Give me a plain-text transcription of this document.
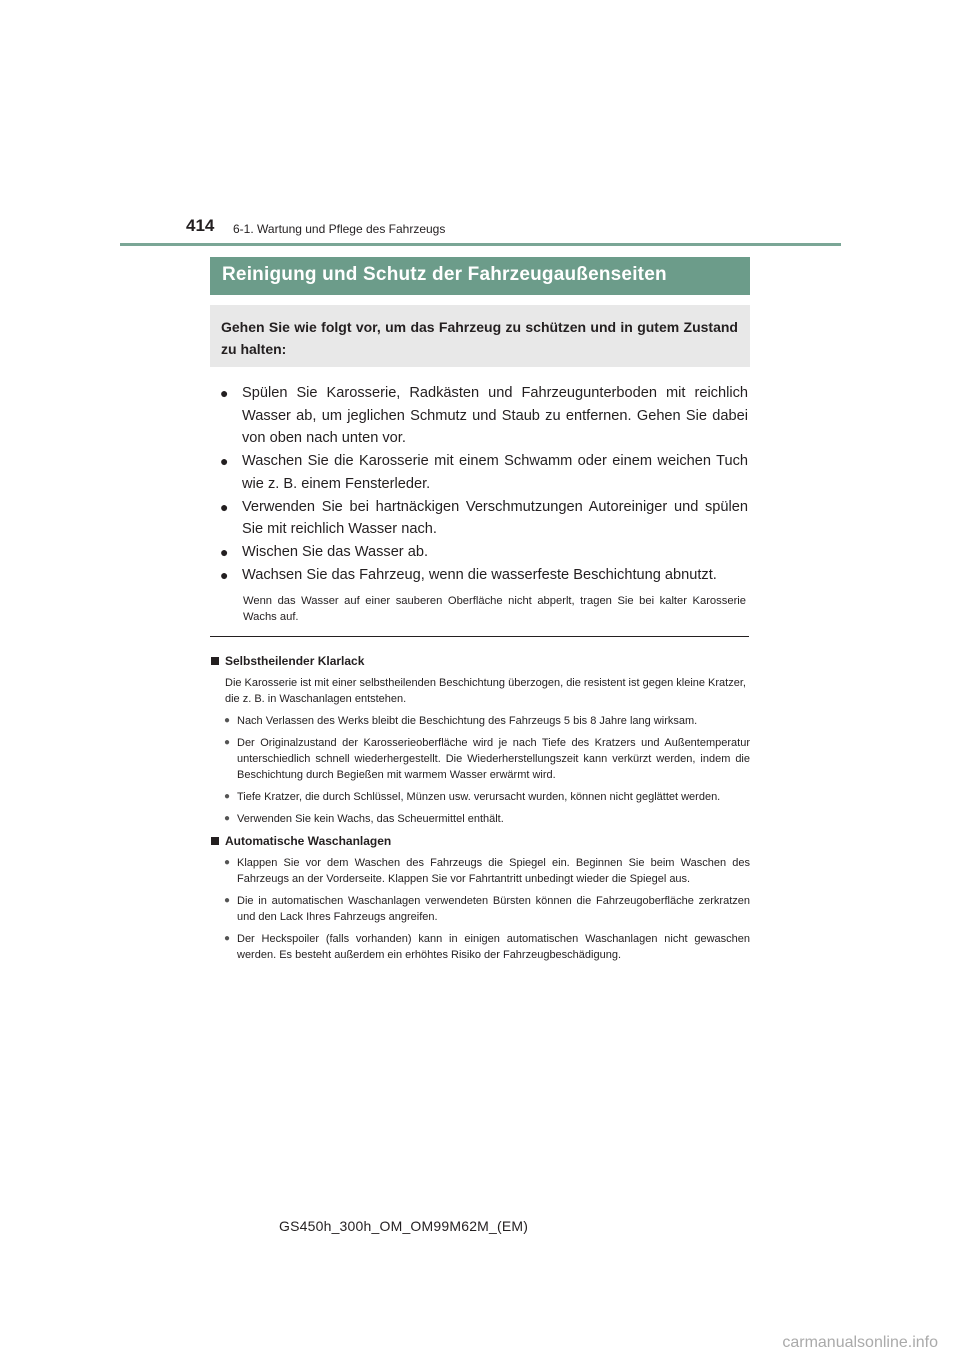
414 6-1. Wartung und Pflege des Fahrzeugs
Reinigung und Schutz der Fahrzeugaußenseiten
Gehen Sie wie folgt vor, um das Fahrzeug zu schützen und in gutem Zustand zu halten:
● Spülen Sie Karosserie, Radkästen und Fahrzeugunterboden mit reichlich Wasser ab, um jeglichen Schmutz und Staub zu entfernen. Gehen Sie dabei von oben nach unten vor.
● Waschen Sie die Karosserie mit einem Schwamm oder einem weichen Tuch wie z. B. einem Fensterleder.
● Verwenden Sie bei hartnäckigen Verschmutzungen Autoreiniger und spülen Sie mit reichlich Wasser nach.
● Wischen Sie das Wasser ab.
● Wachsen Sie das Fahrzeug, wenn die wasserfeste Beschichtung abnutzt.
Wenn das Wasser auf einer sauberen Oberfläche nicht abperlt, tragen Sie bei kalter Karosserie Wachs auf.
Selbstheilender Klarlack
Die Karosserie ist mit einer selbstheilenden Beschichtung überzogen, die resistent ist gegen kleine Kratzer, die z. B. in Waschanlagen entstehen.
● Nach Verlassen des Werks bleibt die Beschichtung des Fahrzeugs 5 bis 8 Jahre lang wirksam.
● Der Originalzustand der Karosserieoberfläche wird je nach Tiefe des Kratzers und Außentemperatur unterschiedlich schnell wiederhergestellt. Die Wiederherstellungszeit kann verkürzt werden, indem die Beschichtung durch Begießen mit warmem Wasser erwärmt wird.
● Tiefe Kratzer, die durch Schlüssel, Münzen usw. verursacht wurden, können nicht geglättet werden.
● Verwenden Sie kein Wachs, das Scheuermittel enthält.
Automatische Waschanlagen
● Klappen Sie vor dem Waschen des Fahrzeugs die Spiegel ein. Beginnen Sie beim Waschen des Fahrzeugs an der Vorderseite. Klappen Sie vor Fahrtantritt unbedingt wieder die Spiegel aus.
● Die in automatischen Waschanlagen verwendeten Bürsten können die Fahrzeugoberfläche zerkratzen und den Lack Ihres Fahrzeugs angreifen.
● Der Heckspoiler (falls vorhanden) kann in einigen automatischen Waschanlagen nicht gewaschen werden. Es besteht außerdem ein erhöhtes Risiko der Fahrzeugbeschädigung.
GS450h_300h_OM_OM99M62M_(EM)
carmanualsonline.info
